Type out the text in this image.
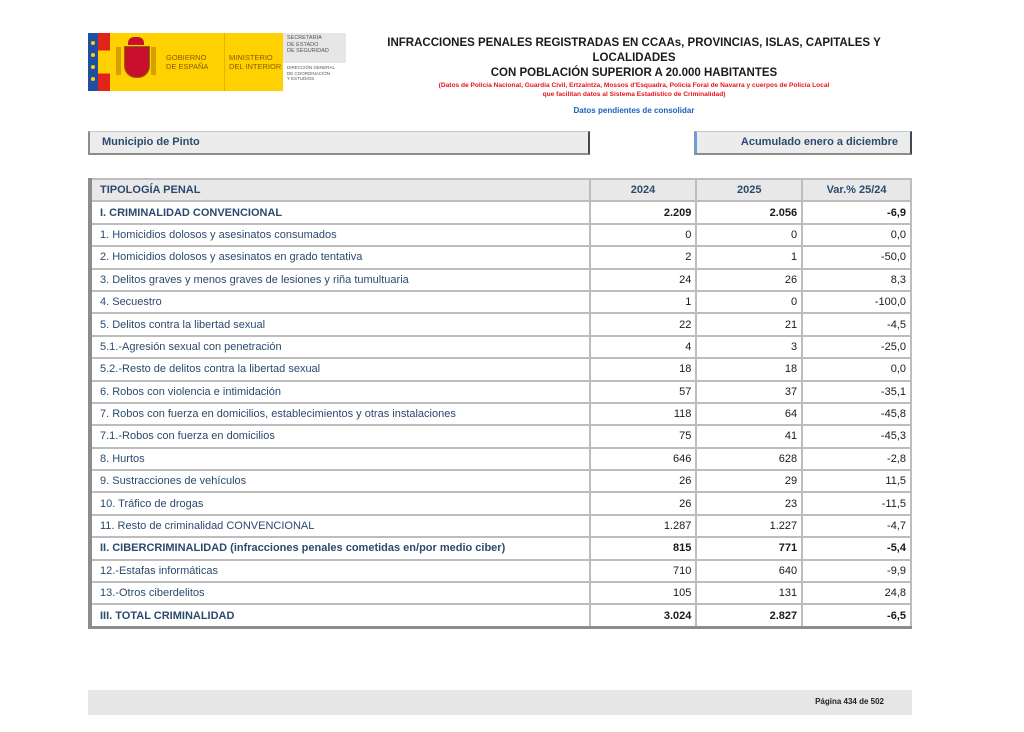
GOBIERNO
DE ESPAÑA
MINISTERIO
DEL INTERIOR
SECRETARÍA
DE ESTADO
DE SEGURIDAD
DIRECCIÓN GENERAL
DE COORDINACIÓN
Y ESTUDIOS
INFRACCIONES PENALES REGISTRADAS EN CCAAs, PROVINCIAS, ISLAS, CAPITALES Y LOCALIDADES
CON POBLACIÓN SUPERIOR A 20.000 HABITANTES
(Datos de Policía Nacional, Guardia Civil, Ertzaintza, Mossos d'Esquadra, Policía Foral de Navarra y cuerpos de Policía Local
que facilitan datos al Sistema Estadístico de Criminalidad)
Datos pendientes de consolidar
Municipio de Pinto	Acumulado enero a diciembre
TIPOLOGÍA PENAL	2024	2025	Var.% 25/24
I. CRIMINALIDAD CONVENCIONAL	2.209	2.056	-6,9
1. Homicidios dolosos y asesinatos consumados	0	0	0,0
2. Homicidios dolosos y asesinatos en grado tentativa	2	1	-50,0
3. Delitos graves y menos graves de lesiones y riña tumultuaria	24	26	8,3
4. Secuestro	1	0	-100,0
5. Delitos contra la libertad sexual	22	21	-4,5
5.1.-Agresión sexual con penetración	4	3	-25,0
5.2.-Resto de delitos contra la libertad sexual	18	18	0,0
6. Robos con violencia e intimidación	57	37	-35,1
7. Robos con fuerza en domicilios, establecimientos y otras instalaciones	118	64	-45,8
7.1.-Robos con fuerza en domicilios	75	41	-45,3
8. Hurtos	646	628	-2,8
9. Sustracciones de vehículos	26	29	11,5
10. Tráfico de drogas	26	23	-11,5
11. Resto de criminalidad CONVENCIONAL	1.287	1.227	-4,7
II. CIBERCRIMINALIDAD (infracciones penales cometidas en/por medio ciber)	815	771	-5,4
12.-Estafas informáticas	710	640	-9,9
13.-Otros ciberdelitos	105	131	24,8
III. TOTAL CRIMINALIDAD	3.024	2.827	-6,5
Página 434 de 502
